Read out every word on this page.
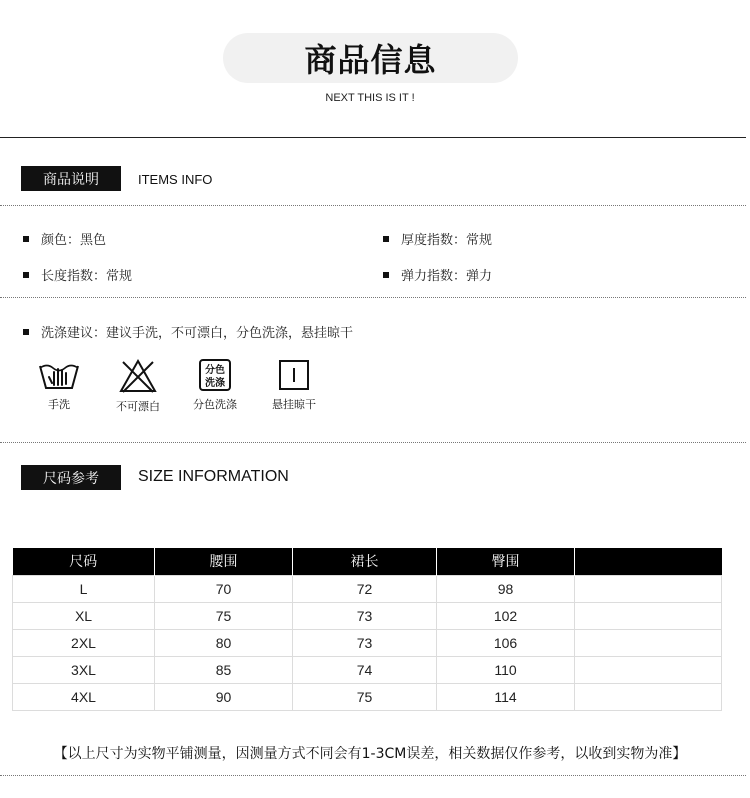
商品信息
NEXT THIS IS IT !
商品说明	ITEMS INFO
颜色：黑色	厚度指数：常规
长度指数：常规	弹力指数：弹力
洗涤建议：建议手洗，不可漂白，分色洗涤，悬挂晾干
手洗	不可漂白
分色
洗涤
分色洗涤	悬挂晾干
尺码参考	SIZE INFORMATION
尺码	腰围	裙长	臀围	
L	70	72	98	
XL	75	73	102	
2XL	80	73	106	
3XL	85	74	110	
4XL	90	75	114	
【以上尺寸为实物平铺测量，因测量方式不同会有1-3CM误差，相关数据仅作参考，以收到实物为准】
